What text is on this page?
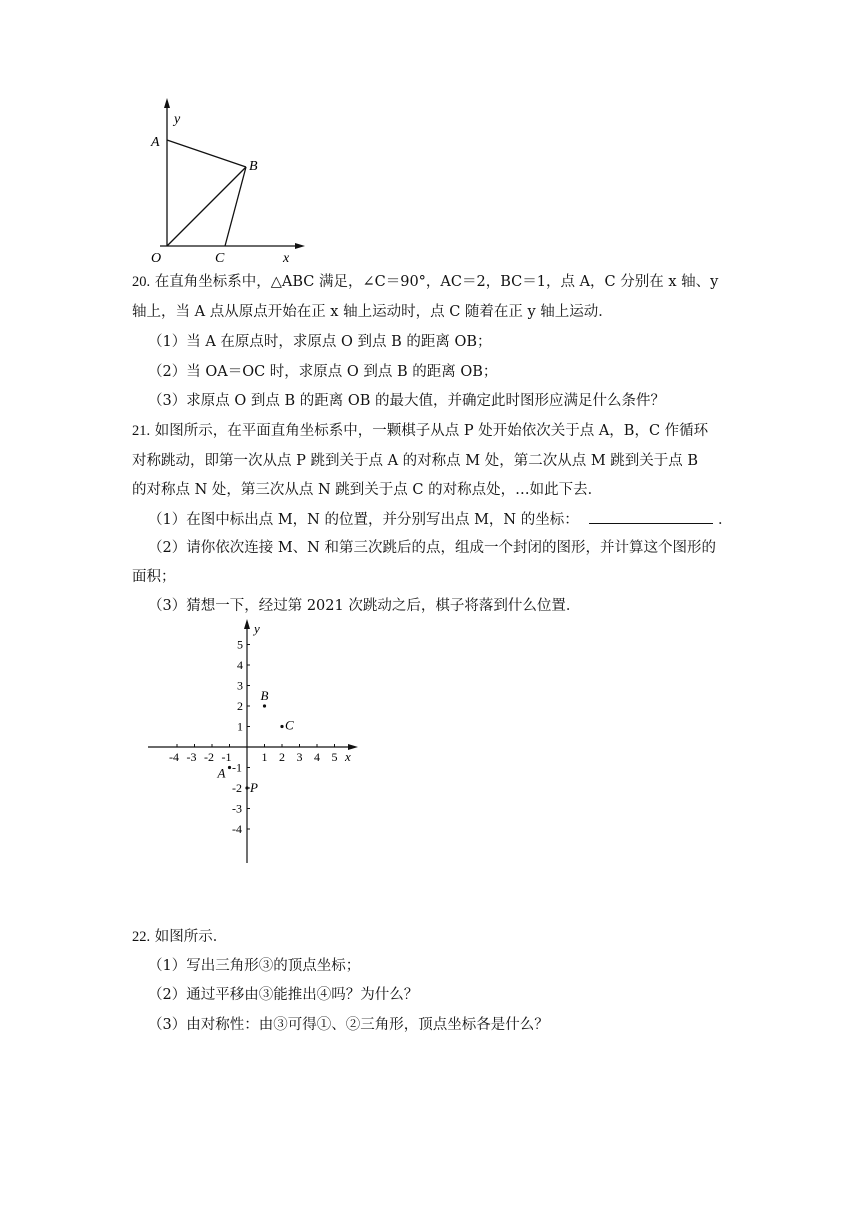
y
A
B
O	C	x
20. 在直角坐标系中，△ABC 满足，∠C＝90°，AC＝2，BC＝1，点 A，C 分别在 x 轴、y
轴上，当 A 点从原点开始在正 x 轴上运动时，点 C 随着在正 y 轴上运动．
（1）当 A 在原点时，求原点 O 到点 B 的距离 OB；
（2）当 OA＝OC 时，求原点 O 到点 B 的距离 OB；
（3）求原点 O 到点 B 的距离 OB 的最大值，并确定此时图形应满足什么条件？
21. 如图所示，在平面直角坐标系中，一颗棋子从点 P 处开始依次关于点 A，B，C 作循环
对称跳动，即第一次从点 P 跳到关于点 A 的对称点 M 处，第二次从点 M 跳到关于点 B
的对称点 N 处，第三次从点 N 跳到关于点 C 的对称点处，…如此下去．
（1）在图中标出点 M，N 的位置，并分别写出点 M，N 的坐标：	．
（2）请你依次连接 M、N 和第三次跳后的点，组成一个封闭的图形，并计算这个图形的
面积；
（3）猜想一下，经过第 2021 次跳动之后，棋子将落到什么位置．
x
y
-4 -3 -2 -1	1 2 3 4 5
5
4
3
2
1
-1
-2
-3
-4
A
B
C
P
22. 如图所示．
（1）写出三角形③的顶点坐标；
（2）通过平移由③能推出④吗？为什么？
（3）由对称性：由③可得①、②三角形，顶点坐标各是什么？
